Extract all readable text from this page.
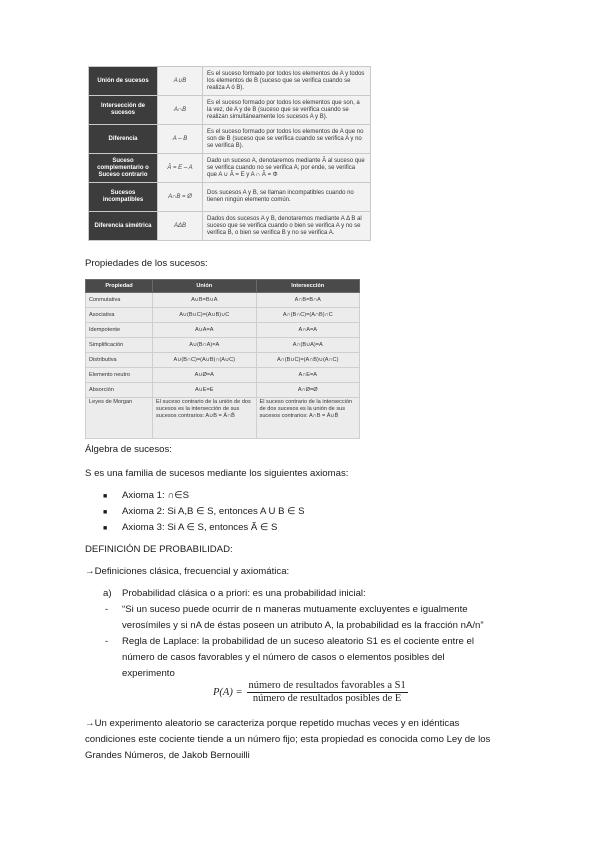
Unión de sucesos	A∪B	Es el suceso formado por todos los elementos de A y todos los elementos de B (suceso que se verifica cuando se realiza A ó B).
Intersección de sucesos	A∩B	Es el suceso formado por todos los elementos que son, a la vez, de A y de B (suceso que se verifica cuando se realizan simultáneamente los sucesos A y B).
Diferencia	A – B	Es el suceso formado por todos los elementos de A que no son de B (suceso que se verifica cuando se verifica A y no se verifica B).
Suceso complementario o Suceso contrario	Ā = E – A	Dado un suceso A, denotaremos mediante Ā al suceso que se verifica cuando no se verifica A; por ende, se verifica que A ∪ Ā = E y A ∩ Ā = Φ
Sucesos incompatibles	A∩B = Ø	Dos sucesos A y B, se llaman incompatibles cuando no tienen ningún elemento común.
Diferencia simétrica	AΔB	Dados dos sucesos A y B, denotaremos mediante A Δ B al suceso que se verifica cuando o bien se verifica A y no se verifica B, o bien se verifica B y no se verifica A.
Propiedades de los sucesos:
Propiedad	Unión	Intersección
Conmutativa	A∪B=B∪A	A∩B=B∩A
Asociativa	A∪(B∪C)=(A∪B)∪C	A∩(B∩C)=(A∩B)∩C
Idempotente	A∪A=A	A∩A=A
Simplificación	A∪(B∩A)=A	A∩(B∪A)=A
Distributiva	A∪(B∩C)=(A∪B)∩(A∪C)	A∩(B∪C)=(A∩B)∪(A∩C)
Elemento neutro	A∪Ø=A	A∩E=A
Absorción	A∪E=E	A∩Ø=Ø
Leyes de Morgan	El suceso contrario de la unión de dos sucesos es la intersección de sus sucesos contrarios: A∪B = Ā∩B̄	El suceso contrario de la intersección de dos sucesos es la unión de sus sucesos contrarios: A∩B = Ā∪B̄
Álgebra de sucesos:
S es una familia de sucesos mediante los siguientes axiomas:
■ Axioma 1: ∩∈S
■ Axioma 2: Si A,B ∈ S, entonces A U B ∈ S
■ Axioma 3: Si A ∈ S, entonces Ã ∈ S
DEFINICIÓN DE PROBABILIDAD:
→Definiciones clásica, frecuencial y axiomática:
a) Probabilidad clásica o a priori: es una probabilidad inicial:
- “Si un suceso puede ocurrir de n maneras mutuamente excluyentes e igualmente
verosímiles y si nA de éstas poseen un atributo A, la probabilidad es la fracción nA/n”
- Regla de Laplace: la probabilidad de un suceso aleatorio S1 es el cociente entre el
número de casos favorables y el número de casos o elementos posibles del
experimento
P(A) =
número de resultados favorables a S1
número de resultados posibles de E
→Un experimento aleatorio se caracteriza porque repetido muchas veces y en idénticas
condiciones este cociente tiende a un número fijo; esta propiedad es conocida como Ley de los
Grandes Números, de Jakob Bernouilli
